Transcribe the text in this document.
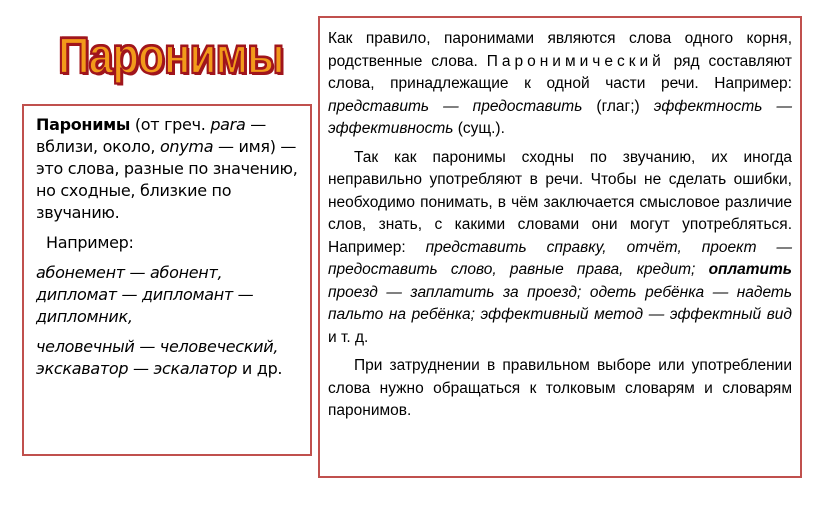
Паронимы

Паронимы (от греч. para — вблизи, около, onyma — имя) — это слова, разные по значению, но сходные, близкие по звучанию.

Например:

абонемент — абонент, дипломат — дипломант — дипломник,

человечный — человеческий, экскаватор — эскалатор и др.

Как правило, паронимами являются слова одного корня, родственные слова. Паронимический ряд составляют слова, принадлежащие к одной части речи. Например: представить — предоставить (глаг;) эффектность — эффективность (сущ.).

Так как паронимы сходны по звучанию, их иногда неправильно употребляют в речи. Чтобы не сделать ошибки, необходимо понимать, в чём заключается смысловое различие слов, знать, с какими словами они могут употребляться. Например: представить справку, отчёт, проект — предоставить слово, равные права, кредит; оплатить проезд — заплатить за проезд; одеть ребёнка — надеть пальто на ребёнка; эффективный метод — эффектный вид и т. д.

При затруднении в правильном выборе или употреблении слова нужно обращаться к толковым словарям и словарям паронимов.
